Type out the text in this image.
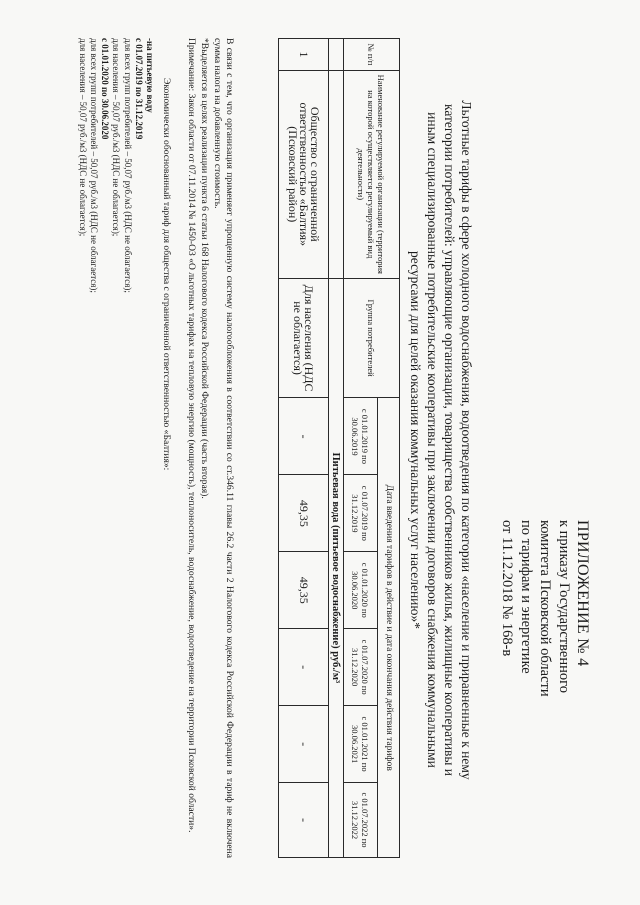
ПРИЛОЖЕНИЕ № 4
к приказу Государственного
комитета Псковской области
по тарифам и энергетике
от 11.12.2018 № 168-в
Льготные тарифы в сфере холодного водоснабжения, водоотведения по категории «население и приравненные к нему
категории потребителей: управляющие организации, товарищества собственников жилья, жилищные кооперативы и
иным специализированные потребительские кооперативы при заключении договоров снабжения коммунальными
ресурсами для целей оказания коммунальных услуг населению»*
№ п/п	Наименование регулируемой организации (территория на которой осуществляется регулируемый вид деятельности)	Группа потребителей	Дата введения тарифов в действие и дата окончания действия тарифов					
			с 01.01.2019 по 30.06.2019	с 01.07.2019 по 31.12.2019	с 01.01.2020 по 30.06.2020	с 01.07.2020 по 31.12.2020	с 01.01.2021 по 30.06.2021	с 01.07.2022 по 31.12.2022
		Питьевая вода (питьевое водоснабжение) руб./м³						
1	Общество с ограниченной ответственностью «Балтия» (Псковский район)	Для населения (НДС не облагается)	-	49,35	49,35	-	-	-
В связи с тем, что организация применяет упрощенную систему налогообложения в соответствии со ст.346.11 главы 26.2 части 2 Налогового кодекса Российской Федерации в тариф не включена сумма налога на добавленную стоимость.
*Выделяется в целях реализации пункта 6 статьи 168 Налогового кодекса Российской Федерации (часть вторая).
Примечание: Закон области от 07.11.2014 № 1450-ОЗ «О льготных тарифах на тепловую энергию (мощность), теплоноситель, водоснабжение, водоотведение на территории Псковской области».
Экономически обоснованный тариф для общества с ограниченной ответственностью «Балтия»:
-на питьевую воду
с 01.07.2019 по 31.12.2019
для всех групп потребителей – 50,07 руб./м3 (НДС не облагается);
для населения – 50,07 руб./м3 (НДС не облагается);
с 01.01.2020 по 30.06.2020
для всех групп потребителей – 50,07 руб./м3 (НДС не облагается);
для населения – 50,07 руб./м3 (НДС не облагается);
